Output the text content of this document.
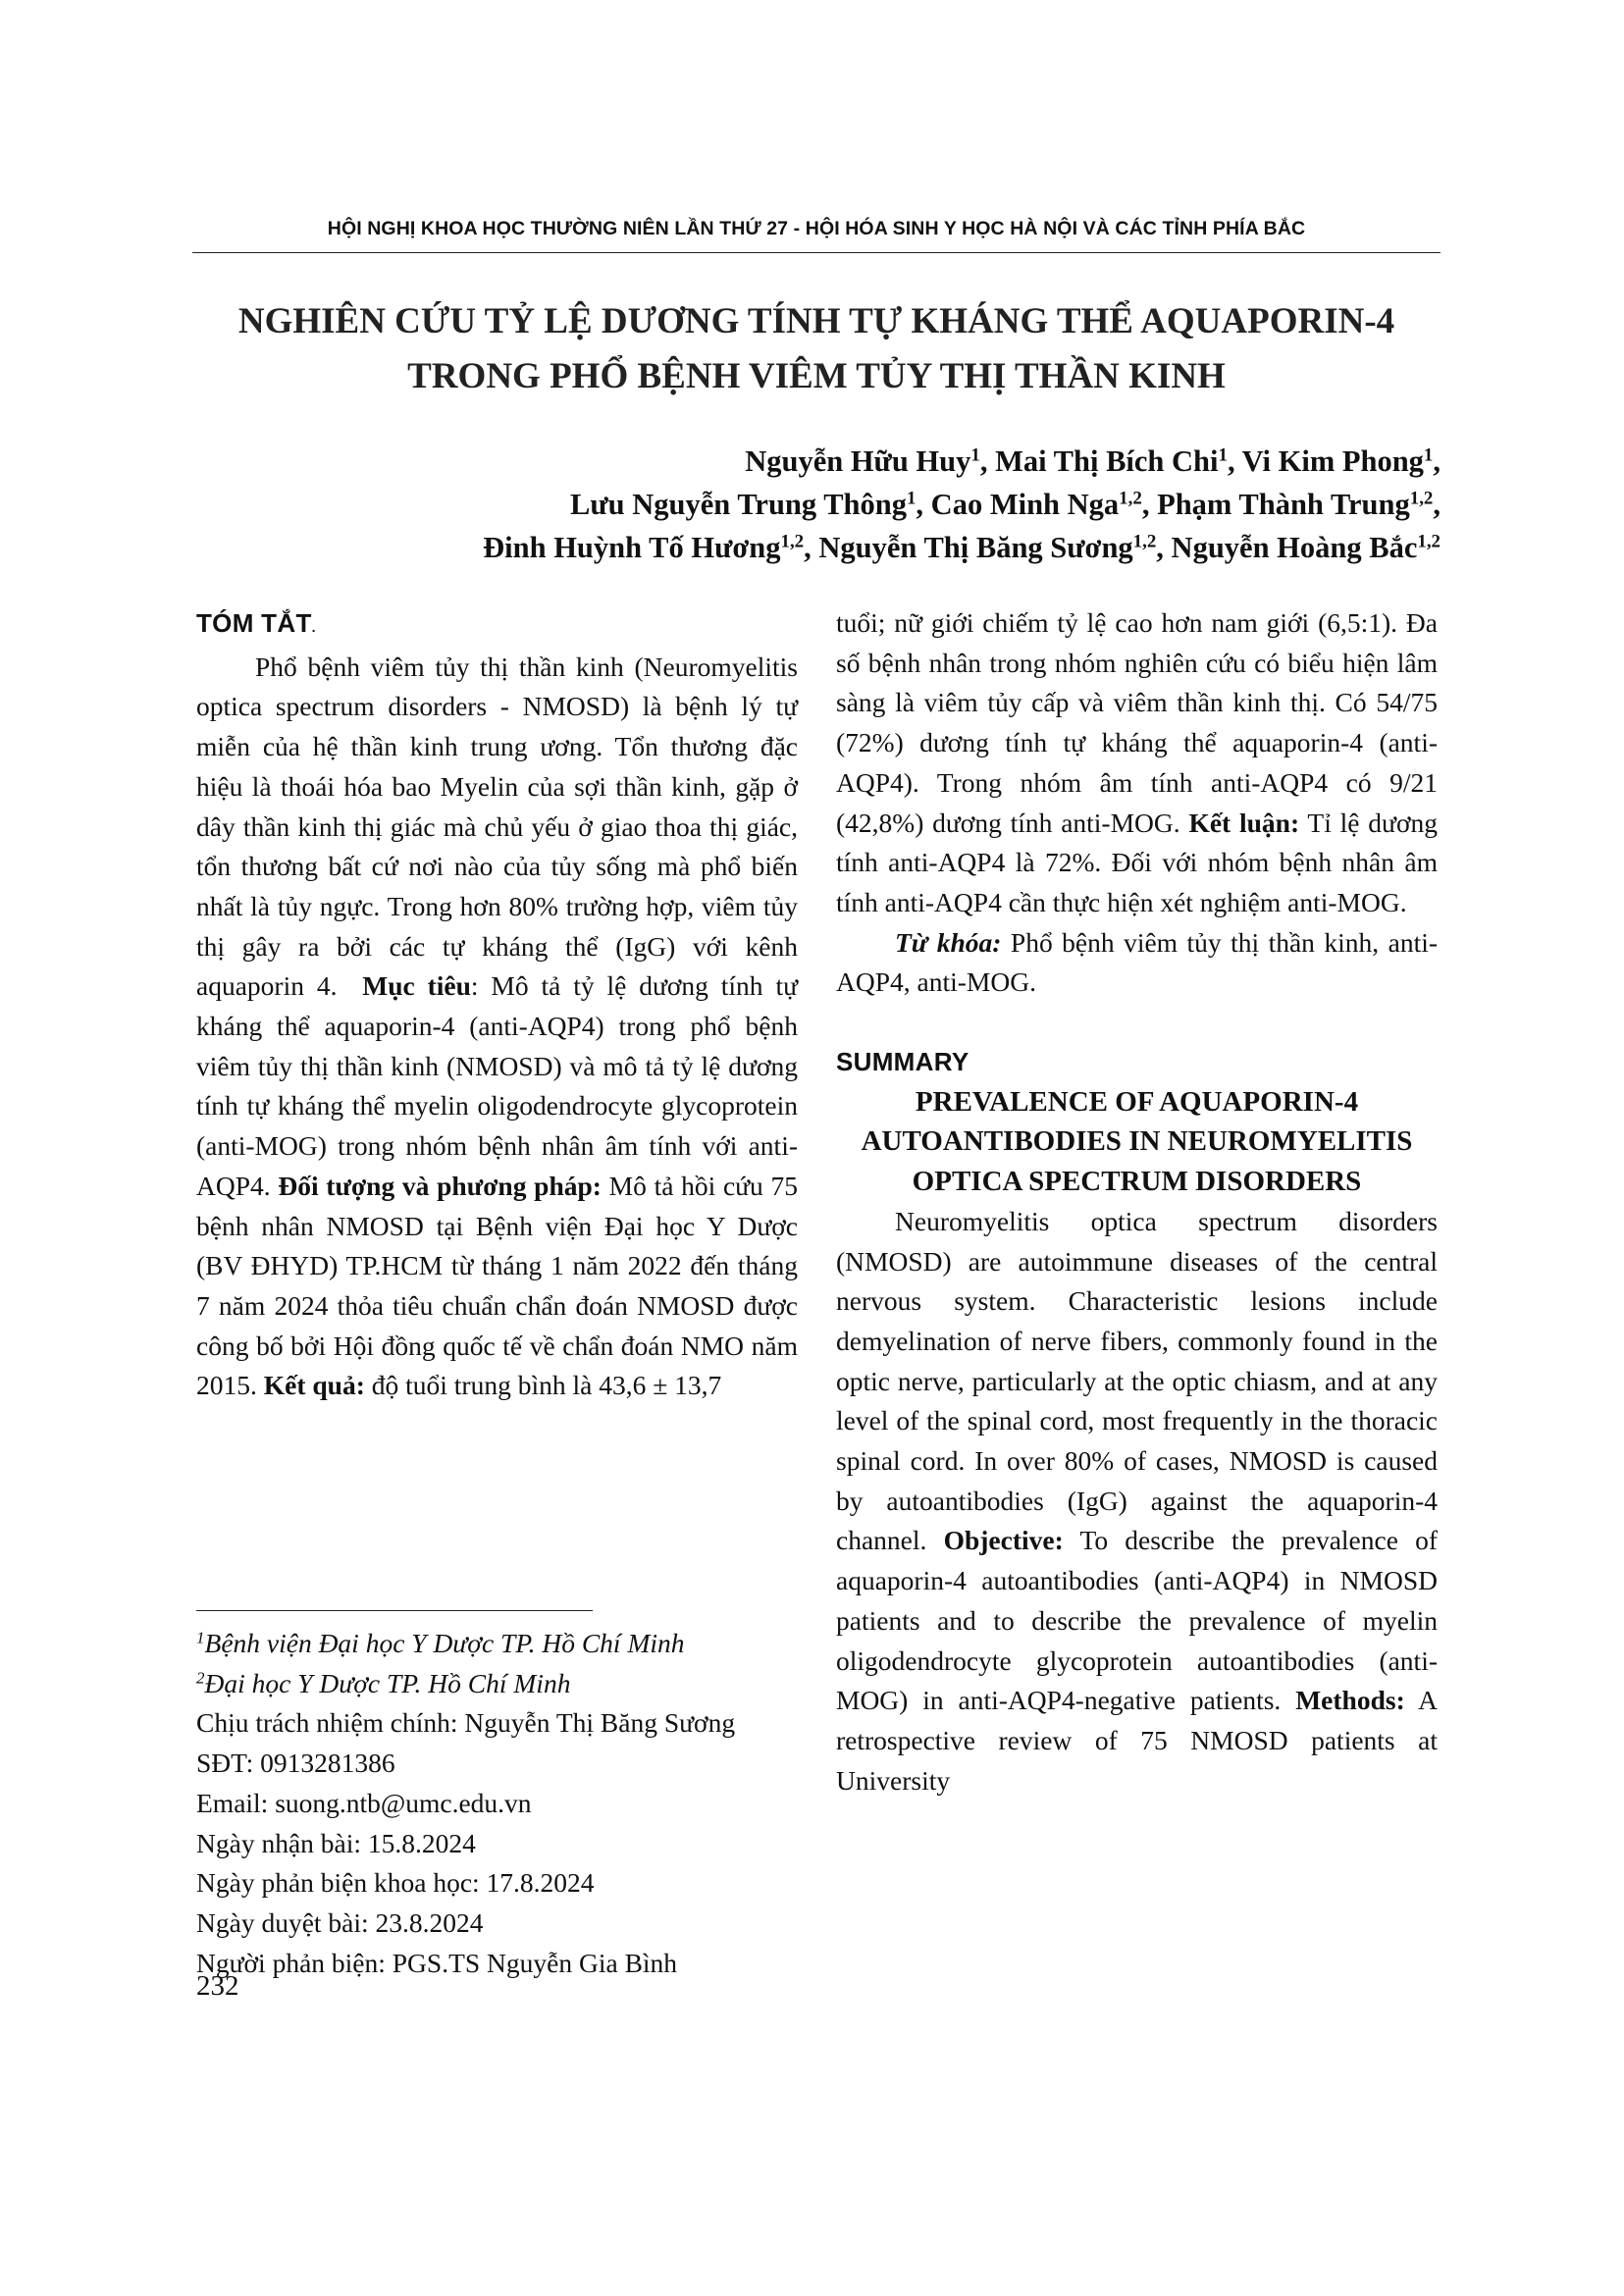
HỘI NGHỊ KHOA HỌC THƯỜNG NIÊN LẦN THỨ 27 - HỘI HÓA SINH Y HỌC HÀ NỘI VÀ CÁC TỈNH PHÍA BẮC
NGHIÊN CỨU TỶ LỆ DƯƠNG TÍNH TỰ KHÁNG THỂ AQUAPORIN-4
TRONG PHỔ BỆNH VIÊM TỦY THỊ THẦN KINH
Nguyễn Hữu Huy$^1$, Mai Thị Bích Chi$^1$, Vi Kim Phong$^1$,
Lưu Nguyễn Trung Thông$^1$, Cao Minh Nga$^{1,2}$, Phạm Thành Trung$^{1,2}$,
Đinh Huỳnh Tố Hương$^{1,2}$, Nguyễn Thị Băng Sương$^{1,2}$, Nguyễn Hoàng Bắc$^{1,2}$
TÓM TẮT.

Phổ bệnh viêm tủy thị thần kinh (Neuromyelitis optica spectrum disorders - NMOSD) là bệnh lý tự miễn của hệ thần kinh trung ương. Tổn thương đặc hiệu là thoái hóa bao Myelin của sợi thần kinh, gặp ở dây thần kinh thị giác mà chủ yếu ở giao thoa thị giác, tổn thương bất cứ nơi nào của tủy sống mà phổ biến nhất là tủy ngực. Trong hơn 80% trường hợp, viêm tủy thị gây ra bởi các tự kháng thể (IgG) với kênh aquaporin 4. Mục tiêu: Mô tả tỷ lệ dương tính tự kháng thể aquaporin-4 (anti-AQP4) trong phổ bệnh viêm tủy thị thần kinh (NMOSD) và mô tả tỷ lệ dương tính tự kháng thể myelin oligodendrocyte glycoprotein (anti-MOG) trong nhóm bệnh nhân âm tính với anti-AQP4. Đối tượng và phương pháp: Mô tả hồi cứu 75 bệnh nhân NMOSD tại Bệnh viện Đại học Y Dược (BV ĐHYD) TP.HCM từ tháng 1 năm 2022 đến tháng 7 năm 2024 thỏa tiêu chuẩn chẩn đoán NMOSD được công bố bởi Hội đồng quốc tế về chẩn đoán NMO năm 2015. Kết quả: độ tuổi trung bình là 43,6 ± 13,7

tuổi; nữ giới chiếm tỷ lệ cao hơn nam giới (6,5:1). Đa số bệnh nhân trong nhóm nghiên cứu có biểu hiện lâm sàng là viêm tủy cấp và viêm thần kinh thị. Có 54/75 (72%) dương tính tự kháng thể aquaporin-4 (anti-AQP4). Trong nhóm âm tính anti-AQP4 có 9/21 (42,8%) dương tính anti-MOG. Kết luận: Tỉ lệ dương tính anti-AQP4 là 72%. Đối với nhóm bệnh nhân âm tính anti-AQP4 cần thực hiện xét nghiệm anti-MOG.

Từ khóa: Phổ bệnh viêm tủy thị thần kinh, anti-AQP4, anti-MOG.

SUMMARY

PREVALENCE OF AQUAPORIN-4 AUTOANTIBODIES IN NEUROMYELITIS OPTICA SPECTRUM DISORDERS

Neuromyelitis optica spectrum disorders (NMOSD) are autoimmune diseases of the central nervous system. Characteristic lesions include demyelination of nerve fibers, commonly found in the optic nerve, particularly at the optic chiasm, and at any level of the spinal cord, most frequently in the thoracic spinal cord. In over 80% of cases, NMOSD is caused by autoantibodies (IgG) against the aquaporin-4 channel. Objective: To describe the prevalence of aquaporin-4 autoantibodies (anti-AQP4) in NMOSD patients and to describe the prevalence of myelin oligodendrocyte glycoprotein autoantibodies (anti-MOG) in anti-AQP4-negative patients. Methods: A retrospective review of 75 NMOSD patients at University

$^1$Bệnh viện Đại học Y Dược TP. Hồ Chí Minh
$^2$Đại học Y Dược TP. Hồ Chí Minh
Chịu trách nhiệm chính: Nguyễn Thị Băng Sương
SĐT: 0913281386
Email: suong.ntb@umc.edu.vn
Ngày nhận bài: 15.8.2024
Ngày phản biện khoa học: 17.8.2024
Ngày duyệt bài: 23.8.2024
Người phản biện: PGS.TS Nguyễn Gia Bình
232
